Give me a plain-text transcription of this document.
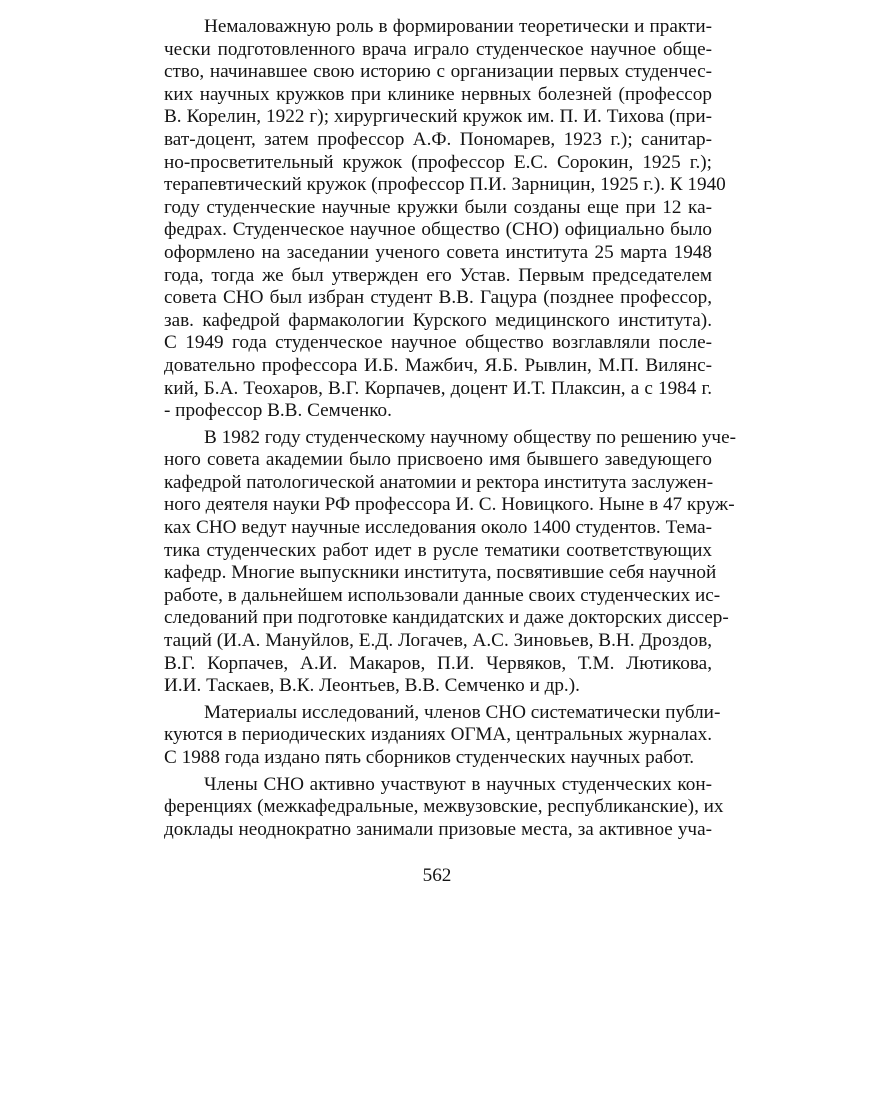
Немаловажную роль в формировании теоретически и практи-
чески подготовленного врача играло студенческое научное обще-
ство, начинавшее свою историю с организации первых студенчес-
ких научных кружков при клинике нервных болезней (профессор
В. Корелин, 1922 г); хирургический кружок им. П. И. Тихова (при-
ват-доцент, затем профессор А.Ф. Пономарев, 1923 г.); санитар-
но-просветительный кружок (профессор Е.С. Сорокин, 1925 г.);
терапевтический кружок (профессор П.И. Зарницин, 1925 г.). К 1940
году студенческие научные кружки были созданы еще при 12 ка-
федрах. Студенческое научное общество (СНО) официально было
оформлено на заседании ученого совета института 25 марта 1948
года, тогда же был утвержден его Устав. Первым председателем
совета СНО был избран студент В.В. Гацура (позднее профессор,
зав. кафедрой фармакологии Курского медицинского института).
С 1949 года студенческое научное общество возглавляли после-
довательно профессора И.Б. Мажбич, Я.Б. Рывлин, М.П. Вилянс-
кий, Б.А. Теохаров, В.Г. Корпачев, доцент И.Т. Плаксин, а с 1984 г.
- профессор В.В. Семченко.
В 1982 году студенческому научному обществу по решению уче-
ного совета академии было присвоено имя бывшего заведующего
кафедрой патологической анатомии и ректора института заслужен-
ного деятеля науки РФ профессора И. С. Новицкого. Ныне в 47 круж-
ках СНО ведут научные исследования около 1400 студентов. Тема-
тика студенческих работ идет в русле тематики соответствующих
кафедр. Многие выпускники института, посвятившие себя научной
работе, в дальнейшем использовали данные своих студенческих ис-
следований при подготовке кандидатских и даже докторских диссер-
таций (И.А. Мануйлов, Е.Д. Логачев, А.С. Зиновьев, В.Н. Дроздов,
В.Г. Корпачев, А.И. Макаров, П.И. Червяков, Т.М. Лютикова,
И.И. Таскаев, В.К. Леонтьев, В.В. Семченко и др.).
Материалы исследований, членов СНО систематически публи-
куются в периодических изданиях ОГМА, центральных журналах.
С 1988 года издано пять сборников студенческих научных работ.
Члены СНО активно участвуют в научных студенческих кон-
ференциях (межкафедральные, межвузовские, республиканские), их
доклады неоднократно занимали призовые места, за активное уча-
562
